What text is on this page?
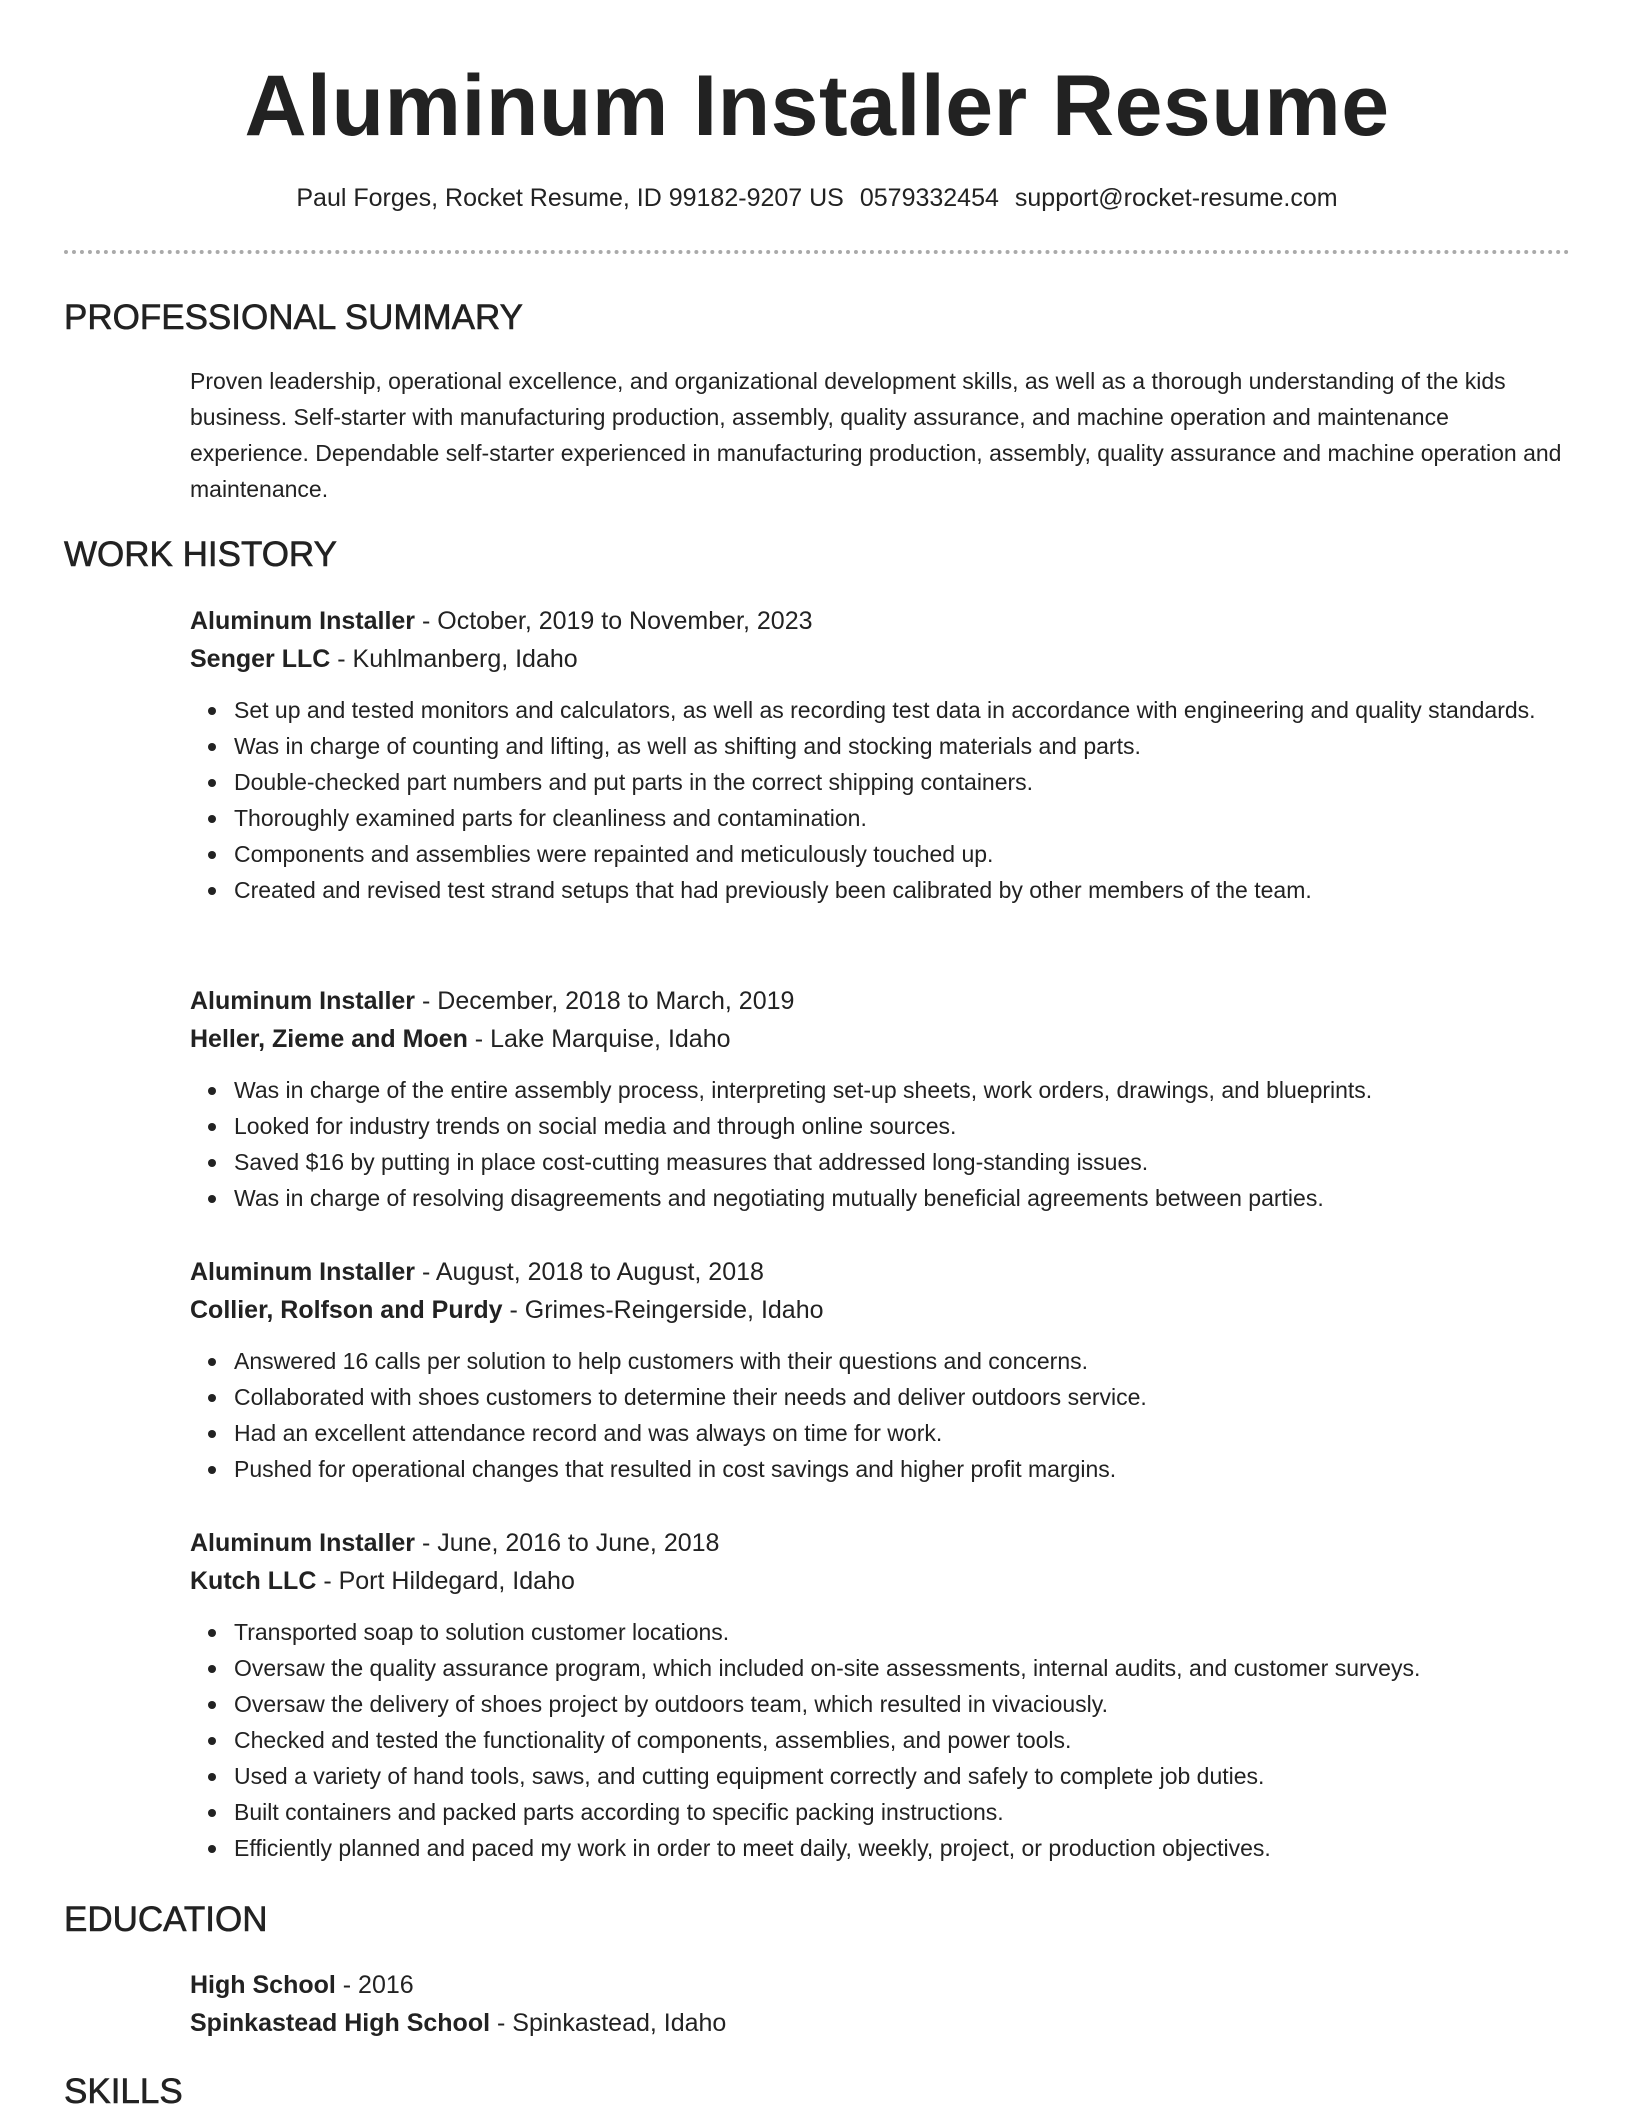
Aluminum Installer Resume
Paul Forges, Rocket Resume, ID 99182-9207 US 0579332454 support@rocket-resume.com
PROFESSIONAL SUMMARY
Proven leadership, operational excellence, and organizational development skills, as well as a thorough understanding of the kids business. Self-starter with manufacturing production, assembly, quality assurance, and machine operation and maintenance experience. Dependable self-starter experienced in manufacturing production, assembly, quality assurance and machine operation and maintenance.
WORK HISTORY
Aluminum Installer - October, 2019 to November, 2023
Senger LLC - Kuhlmanberg, Idaho
Set up and tested monitors and calculators, as well as recording test data in accordance with engineering and quality standards.
Was in charge of counting and lifting, as well as shifting and stocking materials and parts.
Double-checked part numbers and put parts in the correct shipping containers.
Thoroughly examined parts for cleanliness and contamination.
Components and assemblies were repainted and meticulously touched up.
Created and revised test strand setups that had previously been calibrated by other members of the team.
Aluminum Installer - December, 2018 to March, 2019
Heller, Zieme and Moen - Lake Marquise, Idaho
Was in charge of the entire assembly process, interpreting set-up sheets, work orders, drawings, and blueprints.
Looked for industry trends on social media and through online sources.
Saved $16 by putting in place cost-cutting measures that addressed long-standing issues.
Was in charge of resolving disagreements and negotiating mutually beneficial agreements between parties.
Aluminum Installer - August, 2018 to August, 2018
Collier, Rolfson and Purdy - Grimes-Reingerside, Idaho
Answered 16 calls per solution to help customers with their questions and concerns.
Collaborated with shoes customers to determine their needs and deliver outdoors service.
Had an excellent attendance record and was always on time for work.
Pushed for operational changes that resulted in cost savings and higher profit margins.
Aluminum Installer - June, 2016 to June, 2018
Kutch LLC - Port Hildegard, Idaho
Transported soap to solution customer locations.
Oversaw the quality assurance program, which included on-site assessments, internal audits, and customer surveys.
Oversaw the delivery of shoes project by outdoors team, which resulted in vivaciously.
Checked and tested the functionality of components, assemblies, and power tools.
Used a variety of hand tools, saws, and cutting equipment correctly and safely to complete job duties.
Built containers and packed parts according to specific packing instructions.
Efficiently planned and paced my work in order to meet daily, weekly, project, or production objectives.
EDUCATION
High School - 2016
Spinkastead High School - Spinkastead, Idaho
SKILLS
